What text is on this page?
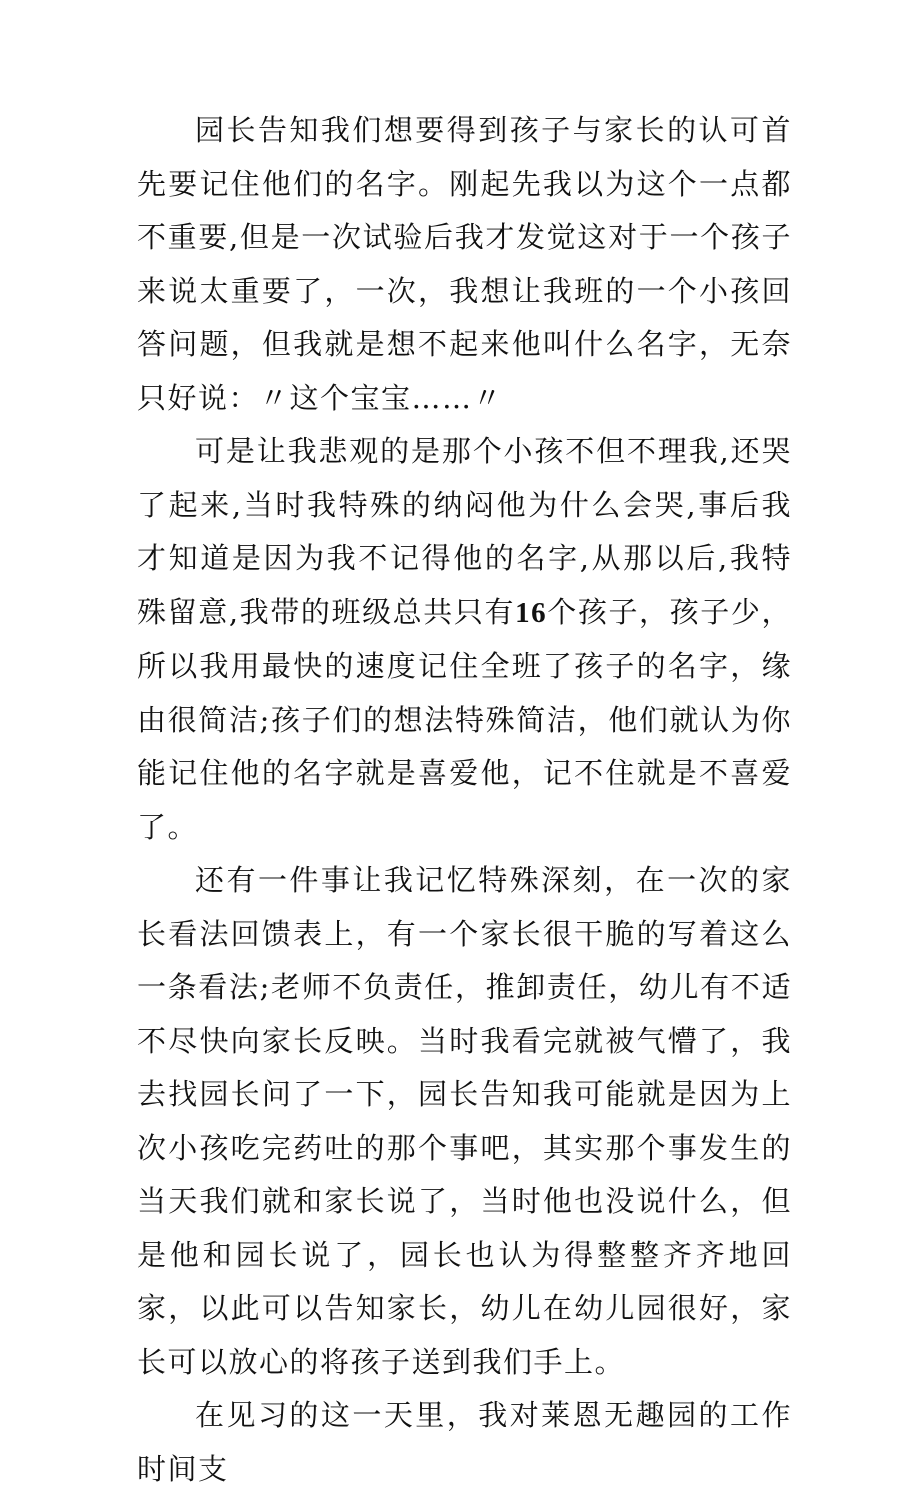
园长告知我们想要得到孩子与家长的认可首先要记住他们的名字。刚起先我以为这个一点都不重要,但是一次试验后我才发觉这对于一个孩子来说太重要了，一次，我想让我班的一个小孩回答问题，但我就是想不起来他叫什么名字，无奈只好说：〃这个宝宝……〃

可是让我悲观的是那个小孩不但不理我,还哭了起来,当时我特殊的纳闷他为什么会哭,事后我才知道是因为我不记得他的名字,从那以后,我特殊留意,我带的班级总共只有16个孩子，孩子少，所以我用最快的速度记住全班了孩子的名字，缘由很简洁;孩子们的想法特殊简洁，他们就认为你能记住他的名字就是喜爱他，记不住就是不喜爱了。

还有一件事让我记忆特殊深刻，在一次的家长看法回馈表上，有一个家长很干脆的写着这么一条看法;老师不负责任，推卸责任，幼儿有不适不尽快向家长反映。当时我看完就被气懵了，我去找园长问了一下，园长告知我可能就是因为上次小孩吃完药吐的那个事吧，其实那个事发生的当天我们就和家长说了，当时他也没说什么，但是他和园长说了，园长也认为得整整齐齐地回家，以此可以告知家长，幼儿在幼儿园很好，家长可以放心的将孩子送到我们手上。

在见习的这一天里，我对莱恩无趣园的工作时间支
